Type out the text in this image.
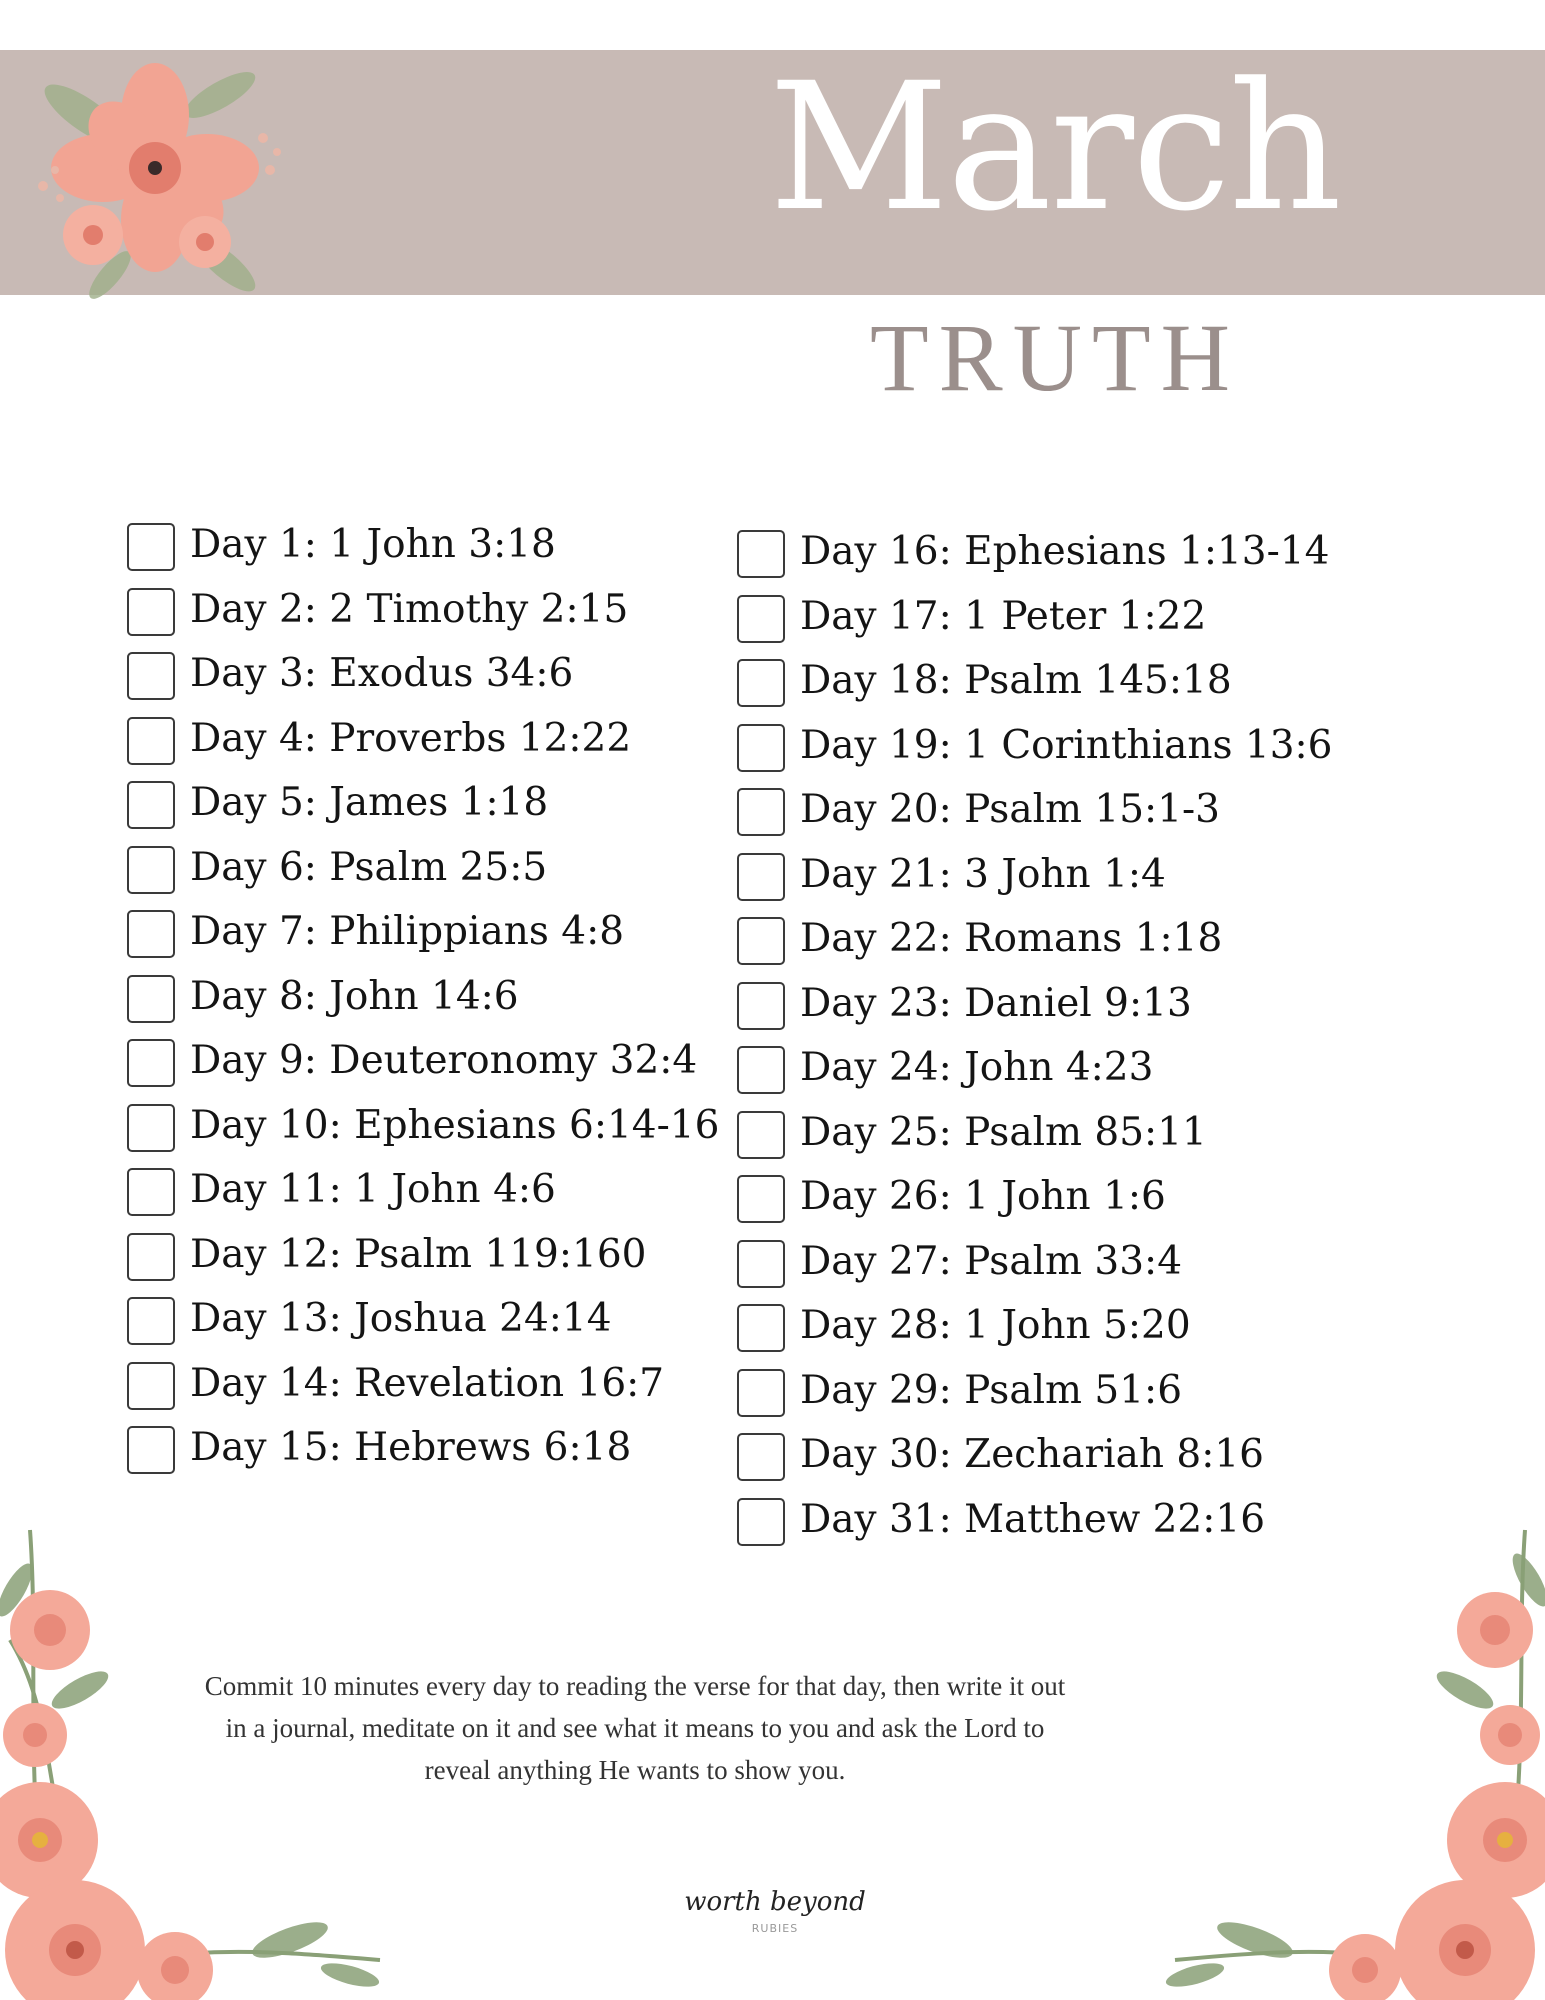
March
TRUTH
Day 1: 1 John 3:18
Day 2: 2 Timothy 2:15
Day 3: Exodus 34:6
Day 4: Proverbs 12:22
Day 5: James 1:18
Day 6: Psalm 25:5
Day 7: Philippians 4:8
Day 8: John 14:6
Day 9: Deuteronomy 32:4
Day 10: Ephesians 6:14-16
Day 11: 1 John 4:6
Day 12: Psalm 119:160
Day 13: Joshua 24:14
Day 14: Revelation 16:7
Day 15: Hebrews 6:18
Day 16: Ephesians 1:13-14
Day 17: 1 Peter 1:22
Day 18: Psalm 145:18
Day 19: 1 Corinthians 13:6
Day 20: Psalm 15:1-3
Day 21: 3 John 1:4
Day 22: Romans 1:18
Day 23: Daniel 9:13
Day 24: John 4:23
Day 25: Psalm 85:11
Day 26: 1 John 1:6
Day 27: Psalm 33:4
Day 28: 1 John 5:20
Day 29: Psalm 51:6
Day 30: Zechariah 8:16
Day 31: Matthew 22:16

Commit 10 minutes every day to reading the verse for that day, then write it out
in a journal, meditate on it and see what it means to you and ask the Lord to
reveal anything He wants to show you.

worth beyond
RUBIES
